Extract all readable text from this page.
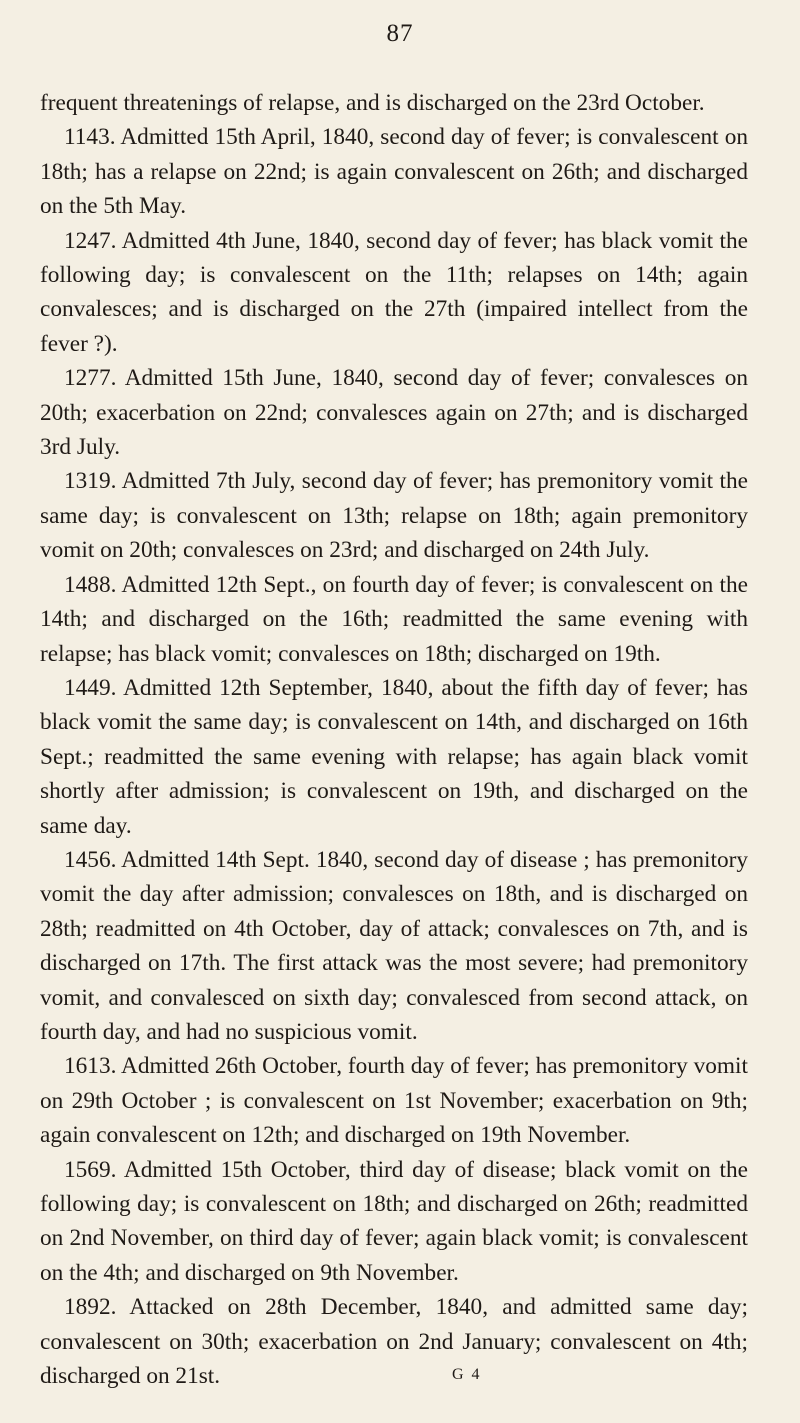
87

frequent threatenings of relapse, and is discharged on the 23rd October.

1143. Admitted 15th April, 1840, second day of fever; is convalescent on 18th; has a relapse on 22nd; is again convalescent on 26th; and discharged on the 5th May.

1247. Admitted 4th June, 1840, second day of fever; has black vomit the following day; is convalescent on the 11th; relapses on 14th; again convalesces; and is discharged on the 27th (impaired intellect from the fever ?).

1277. Admitted 15th June, 1840, second day of fever; convalesces on 20th; exacerbation on 22nd; convalesces again on 27th; and is discharged 3rd July.

1319. Admitted 7th July, second day of fever; has premonitory vomit the same day; is convalescent on 13th; relapse on 18th; again premonitory vomit on 20th; convalesces on 23rd; and discharged on 24th July.

1488. Admitted 12th Sept., on fourth day of fever; is convalescent on the 14th; and discharged on the 16th; readmitted the same evening with relapse; has black vomit; convalesces on 18th; discharged on 19th.

1449. Admitted 12th September, 1840, about the fifth day of fever; has black vomit the same day; is convalescent on 14th, and discharged on 16th Sept.; readmitted the same evening with relapse; has again black vomit shortly after admission; is convalescent on 19th, and discharged on the same day.

1456. Admitted 14th Sept. 1840, second day of disease ; has premonitory vomit the day after admission; convalesces on 18th, and is discharged on 28th; readmitted on 4th October, day of attack; convalesces on 7th, and is discharged on 17th. The first attack was the most severe; had premonitory vomit, and convalesced on sixth day; convalesced from second attack, on fourth day, and had no suspicious vomit.

1613. Admitted 26th October, fourth day of fever; has premonitory vomit on 29th October ; is convalescent on 1st November; exacerbation on 9th; again convalescent on 12th; and discharged on 19th November.

1569. Admitted 15th October, third day of disease; black vomit on the following day; is convalescent on 18th; and discharged on 26th; readmitted on 2nd November, on third day of fever; again black vomit; is convalescent on the 4th; and discharged on 9th November.

1892. Attacked on 28th December, 1840, and admitted same day; convalescent on 30th; exacerbation on 2nd January; convalescent on 4th; discharged on 21st.	G 4
